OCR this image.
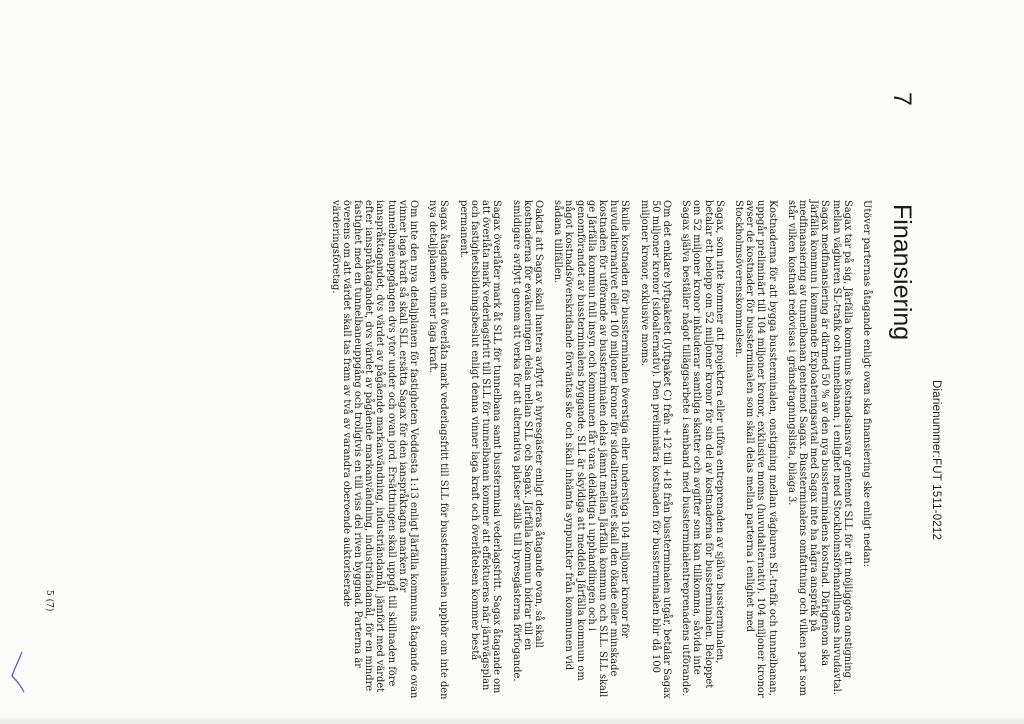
Diarienummer:FUT 1511-0212
7Finansiering

Utöver parternas åtagande enligt ovan ska finansiering ske enligt nedan:

Sagax tar på sig, Järfälla kommuns kostnadsansvar gentemot SLL för att möjliggöra onstigning mellan vägburen SL-trafik och tunnelbanan, i enlighet med Stockholmsförhandlingens huvudavtal. Sagax medfinansiering är därmed 50 % av den nya bussterminalens kostnad. Därigenom ska Järfälla kommun i kommande Exploateringsavtal med Sagax inte ha några anspråk på medfinansiering av tunnelbanan gentemot Sagax. Bussterminalens omfattning och vilken part som står vilken kostnad redovisas i gränsdragningslista, bilaga 3.

Kostnaderna för att bygga bussterminalen, onstigning mellan vägburen SL-trafik och tunnelbanan, uppgår preliminärt till 104 miljoner kronor, exklusive moms (huvudalternativ). 104 miljoner kronor avser de kostnader för bussterminalen som skall delas mellan parterna i enlighet med Stockholmsöverenskommelsen.

Sagax, som inte kommer att projektera eller utföra entreprenaden av själva bussterminalen, betalar ett belopp om 52 miljoner kronor för sin del av kostnaderna för bussterminalen. Beloppet om 52 miljoner kronor inkluderar samtliga skatter och avgifter som kan tillkomma, såvida inte Sagax själva beställer något tilläggsarbete i samband med bussterminalentreprenadens utförande.

Om det enklare lyftpaketet (lyftpaket C) från +12 till +18 från bussterminalen utgår, betalar Sagax 50 miljoner kronor (sidoalternativ). Den preliminära kostnaden för bussterminalen blir då 100 miljoner kronor, exklusive moms.

Skulle kostnaden för bussterminalen överstiga eller understiga 104 miljoner kronor för huvudalternativet eller 100 miljoner kronor för sidoalternativet skall den ökade eller minskade kostnaden för utförande av bussterminalen delas jämnt mellan Järfälla kommun och SLL. SLL skall ge Järfälla kommun full insyn och kommunen får vara delaktiga i upphandlingen och i genomförandet av bussterminalens byggande. SLL är skyldiga att meddela Järfälla kommun om något kostnadsöverskridande förväntas ske och skall inhämta synpunkter från kommunen vid sådana tillfällen.

Oaktat att Sagax skall hantera avflytt av hyresgäster enligt deras åtagande ovan, så skall kostnaderna för evakueringen delas mellan SLL och Sagax. Järfälla kommun bidrar till en smidigare avflytt genom att verka för att alternativa platser ställs till hyresgästerna förfogande.

Sagax överlåter mark åt SLL för tunnelbana samt bussterminal vederlagsfritt. Sagax åtagande om att överlåta mark vederlagsfritt till SLL för tunnelbanan kommer att effektueras när järnvägsplan och fastighetsbildningsbeslut enligt denna vinner laga kraft och överlåtelsen kommer bestå permanent.

Sagax åtagande om att överlåta mark vederlagsfritt till SLL för bussterminalen upphör om inte den nya detaljplanen vinner laga kraft.

Om inte den nya detaljplanen för fastigheten Veddesta 1:13 enligt Järfälla kommuns åtagande ovan vinner laga kraft så skall SLL ersätta Sagax för den ianspråktagna marken för tunnelbaneuppgången dvs ytor under och ovan jord. Ersättningen skall uppgå till skillnaden före ianspråktagandet, dvs värdet av pågående markanvändning, industriändamål, jämfört med värdet efter ianspråktagandet, dvs värdet av pågående markanvändning, industriändamål, för en mindre fastighet med en tunnelbaneuppgång och troligtvis en till viss del riven byggnad. Parterna är överens om att värdet skall tas fram av två av varandra oberoende auktoriserade värderingsföretag.

5 (7)
